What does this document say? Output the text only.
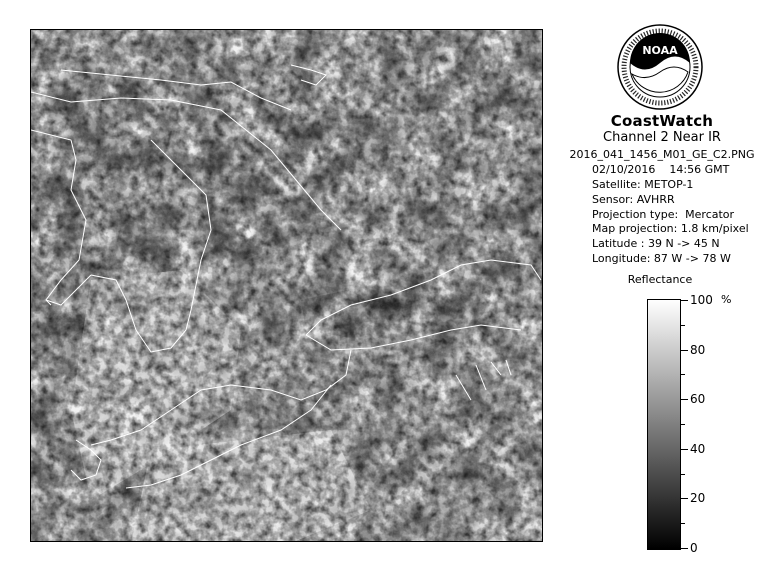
NOAA
CoastWatch
Channel 2 Near IR
2016_041_1456_M01_GE_C2.PNG
02/10/2016    14:56 GMT
Satellite: METOP-1
Sensor: AVHRR
Projection type:  Mercator
Map projection: 1.8 km/pixel
Latitude : 39 N -> 45 N
Longitude: 87 W -> 78 W
Reflectance
%
100
80
60
40
20
0
